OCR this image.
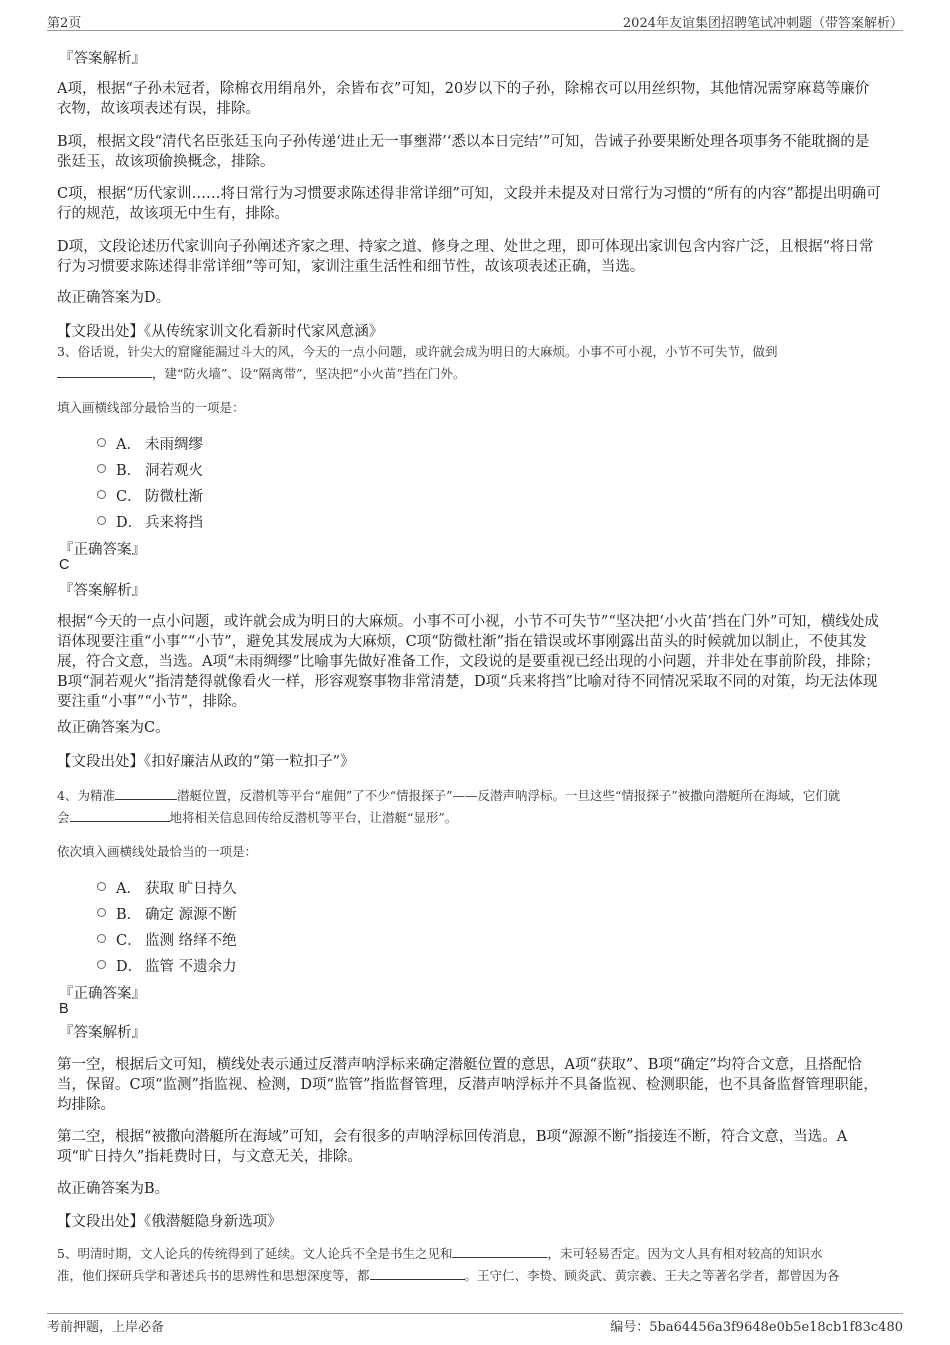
第2页	2024年友谊集团招聘笔试冲刺题（带答案解析）
『答案解析』
A项，根据“子孙未冠者，除棉衣用绢帛外，余皆布衣”可知，20岁以下的子孙，除棉衣可以用丝织物，其他情况需穿麻葛等廉价衣物，故该项表述有误，排除。
B项，根据文段“清代名臣张廷玉向子孙传递‘进止无一事壅滞’‘悉以本日完结’”可知，告诫子孙要果断处理各项事务不能耽搁的是张廷玉，故该项偷换概念，排除。
C项，根据“历代家训……将日常行为习惯要求陈述得非常详细”可知，文段并未提及对日常行为习惯的“所有的内容”都提出明确可行的规范，故该项无中生有，排除。
D项，文段论述历代家训向子孙阐述齐家之理、持家之道、修身之理、处世之理，即可体现出家训包含内容广泛，且根据“将日常行为习惯要求陈述得非常详细”等可知，家训注重生活性和细节性，故该项表述正确，当选。
故正确答案为D。
【文段出处】《从传统家训文化看新时代家风意涵》
3、俗话说，针尖大的窟窿能漏过斗大的风，今天的一点小问题，或许就会成为明日的大麻烦。小事不可小视，小节不可失节，做到
，建“防火墙”、设“隔离带”，坚决把“小火苗”挡在门外。
填入画横线部分最恰当的一项是：
A． 未雨绸缪
B． 洞若观火
C． 防微杜渐
D． 兵来将挡
『正确答案』
C
『答案解析』
根据“今天的一点小问题，或许就会成为明日的大麻烦。小事不可小视，小节不可失节”“坚决把‘小火苗’挡在门外”可知，横线处成语体现要注重“小事”“小节”，避免其发展成为大麻烦，C项“防微杜渐”指在错误或坏事刚露出苗头的时候就加以制止，不使其发展，符合文意，当选。A项“未雨绸缪”比喻事先做好准备工作，文段说的是要重视已经出现的小问题，并非处在事前阶段，排除；B项“洞若观火”指清楚得就像看火一样，形容观察事物非常清楚，D项“兵来将挡”比喻对待不同情况采取不同的对策，均无法体现要注重“小事”“小节”，排除。
故正确答案为C。
【文段出处】《扣好廉洁从政的“第一粒扣子”》
4、为精准	潜艇位置，反潜机等平台“雇佣”了不少“情报探子”——反潜声呐浮标。一旦这些“情报探子”被撒向潜艇所在海域，它们就
会	地将相关信息回传给反潜机等平台，让潜艇“显形”。
依次填入画横线处最恰当的一项是：
A． 获取 旷日持久
B． 确定 源源不断
C． 监测 络绎不绝
D． 监管 不遗余力
『正确答案』
B
『答案解析』
第一空，根据后文可知，横线处表示通过反潜声呐浮标来确定潜艇位置的意思，A项“获取”、B项“确定”均符合文意，且搭配恰当，保留。C项“监测”指监视、检测，D项“监管”指监督管理，反潜声呐浮标并不具备监视、检测职能，也不具备监督管理职能，均排除。
第二空，根据“被撒向潜艇所在海域”可知，会有很多的声呐浮标回传消息，B项“源源不断”指接连不断，符合文意，当选。A项“旷日持久”指耗费时日，与文意无关，排除。
故正确答案为B。
【文段出处】《俄潜艇隐身新选项》
5、明清时期，文人论兵的传统得到了延续。文人论兵不全是书生之见和	，未可轻易否定。因为文人具有相对较高的知识水
准，他们探研兵学和著述兵书的思辨性和思想深度等，都	。王守仁、李贽、顾炎武、黄宗羲、王夫之等著名学者，都曾因为各
考前押题，上岸必备	编号：5ba64456a3f9648e0b5e18cb1f83c480
